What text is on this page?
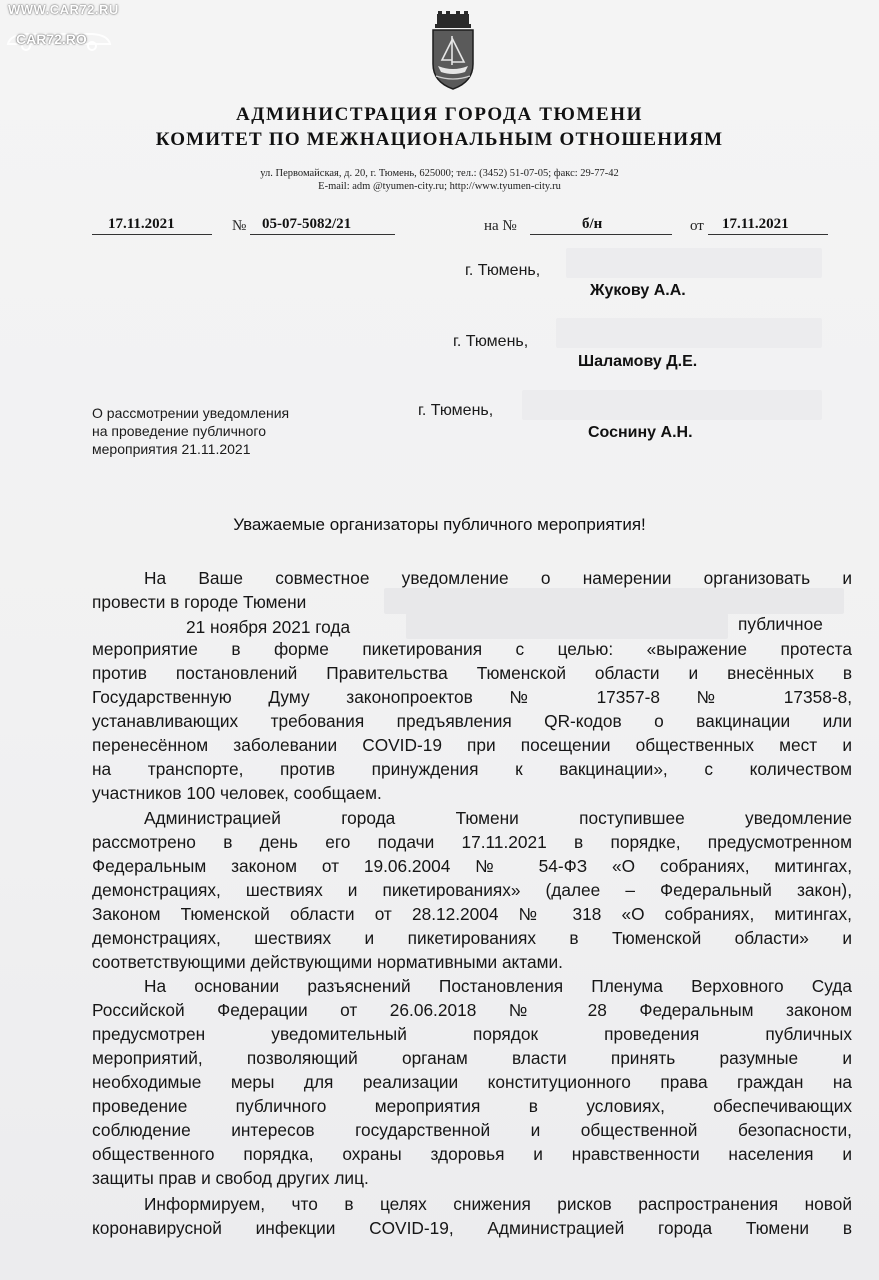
WWW.CAR72.RU
CAR72.RO
АДМИНИСТРАЦИЯ ГОРОДА ТЮМЕНИ
КОМИТЕТ ПО МЕЖНАЦИОНАЛЬНЫМ ОТНОШЕНИЯМ
ул. Первомайская, д. 20, г. Тюмень, 625000; тел.: (3452) 51-07-05; факс: 29-77-42
E-mail: adm @tyumen-city.ru; http://www.tyumen-city.ru
17.11.2021	№ 05-07-5082/21	на №	б/н	от 17.11.2021
г. Тюмень,
Жукову А.А.
г. Тюмень,
Шаламову Д.Е.
г. Тюмень,
Соснину А.Н.
О рассмотрении уведомления
на проведение публичного
мероприятия 21.11.2021
Уважаемые организаторы публичного мероприятия!
На Ваше совместное уведомление о намерении организовать и
провести в городе Тюмени
21 ноября 2021 года	публичное
мероприятие в форме пикетирования с целью: «выражение протеста
против постановлений Правительства Тюменской области и внесённых в
Государственную Думу законопроектов № 17357-8 № 17358-8,
устанавливающих требования предъявления QR-кодов о вакцинации или
перенесённом заболевании COVID-19 при посещении общественных мест и
на транспорте, против принуждения к вакцинации», с количеством
участников 100 человек, сообщаем.
Администрацией города Тюмени поступившее уведомление
рассмотрено в день его подачи 17.11.2021 в порядке, предусмотренном
Федеральным законом от 19.06.2004 № 54-ФЗ «О собраниях, митингах,
демонстрациях, шествиях и пикетированиях» (далее – Федеральный закон),
Законом Тюменской области от 28.12.2004 № 318 «О собраниях, митингах,
демонстрациях, шествиях и пикетированиях в Тюменской области» и
соответствующими действующими нормативными актами.
На основании разъяснений Постановления Пленума Верховного Суда
Российской Федерации от 26.06.2018 № 28 Федеральным законом
предусмотрен уведомительный порядок проведения публичных
мероприятий, позволяющий органам власти принять разумные и
необходимые меры для реализации конституционного права граждан на
проведение публичного мероприятия в условиях, обеспечивающих
соблюдение интересов государственной и общественной безопасности,
общественного порядка, охраны здоровья и нравственности населения и
защиты прав и свобод других лиц.
Информируем, что в целях снижения рисков распространения новой
коронавирусной инфекции COVID-19, Администрацией города Тюмени в
